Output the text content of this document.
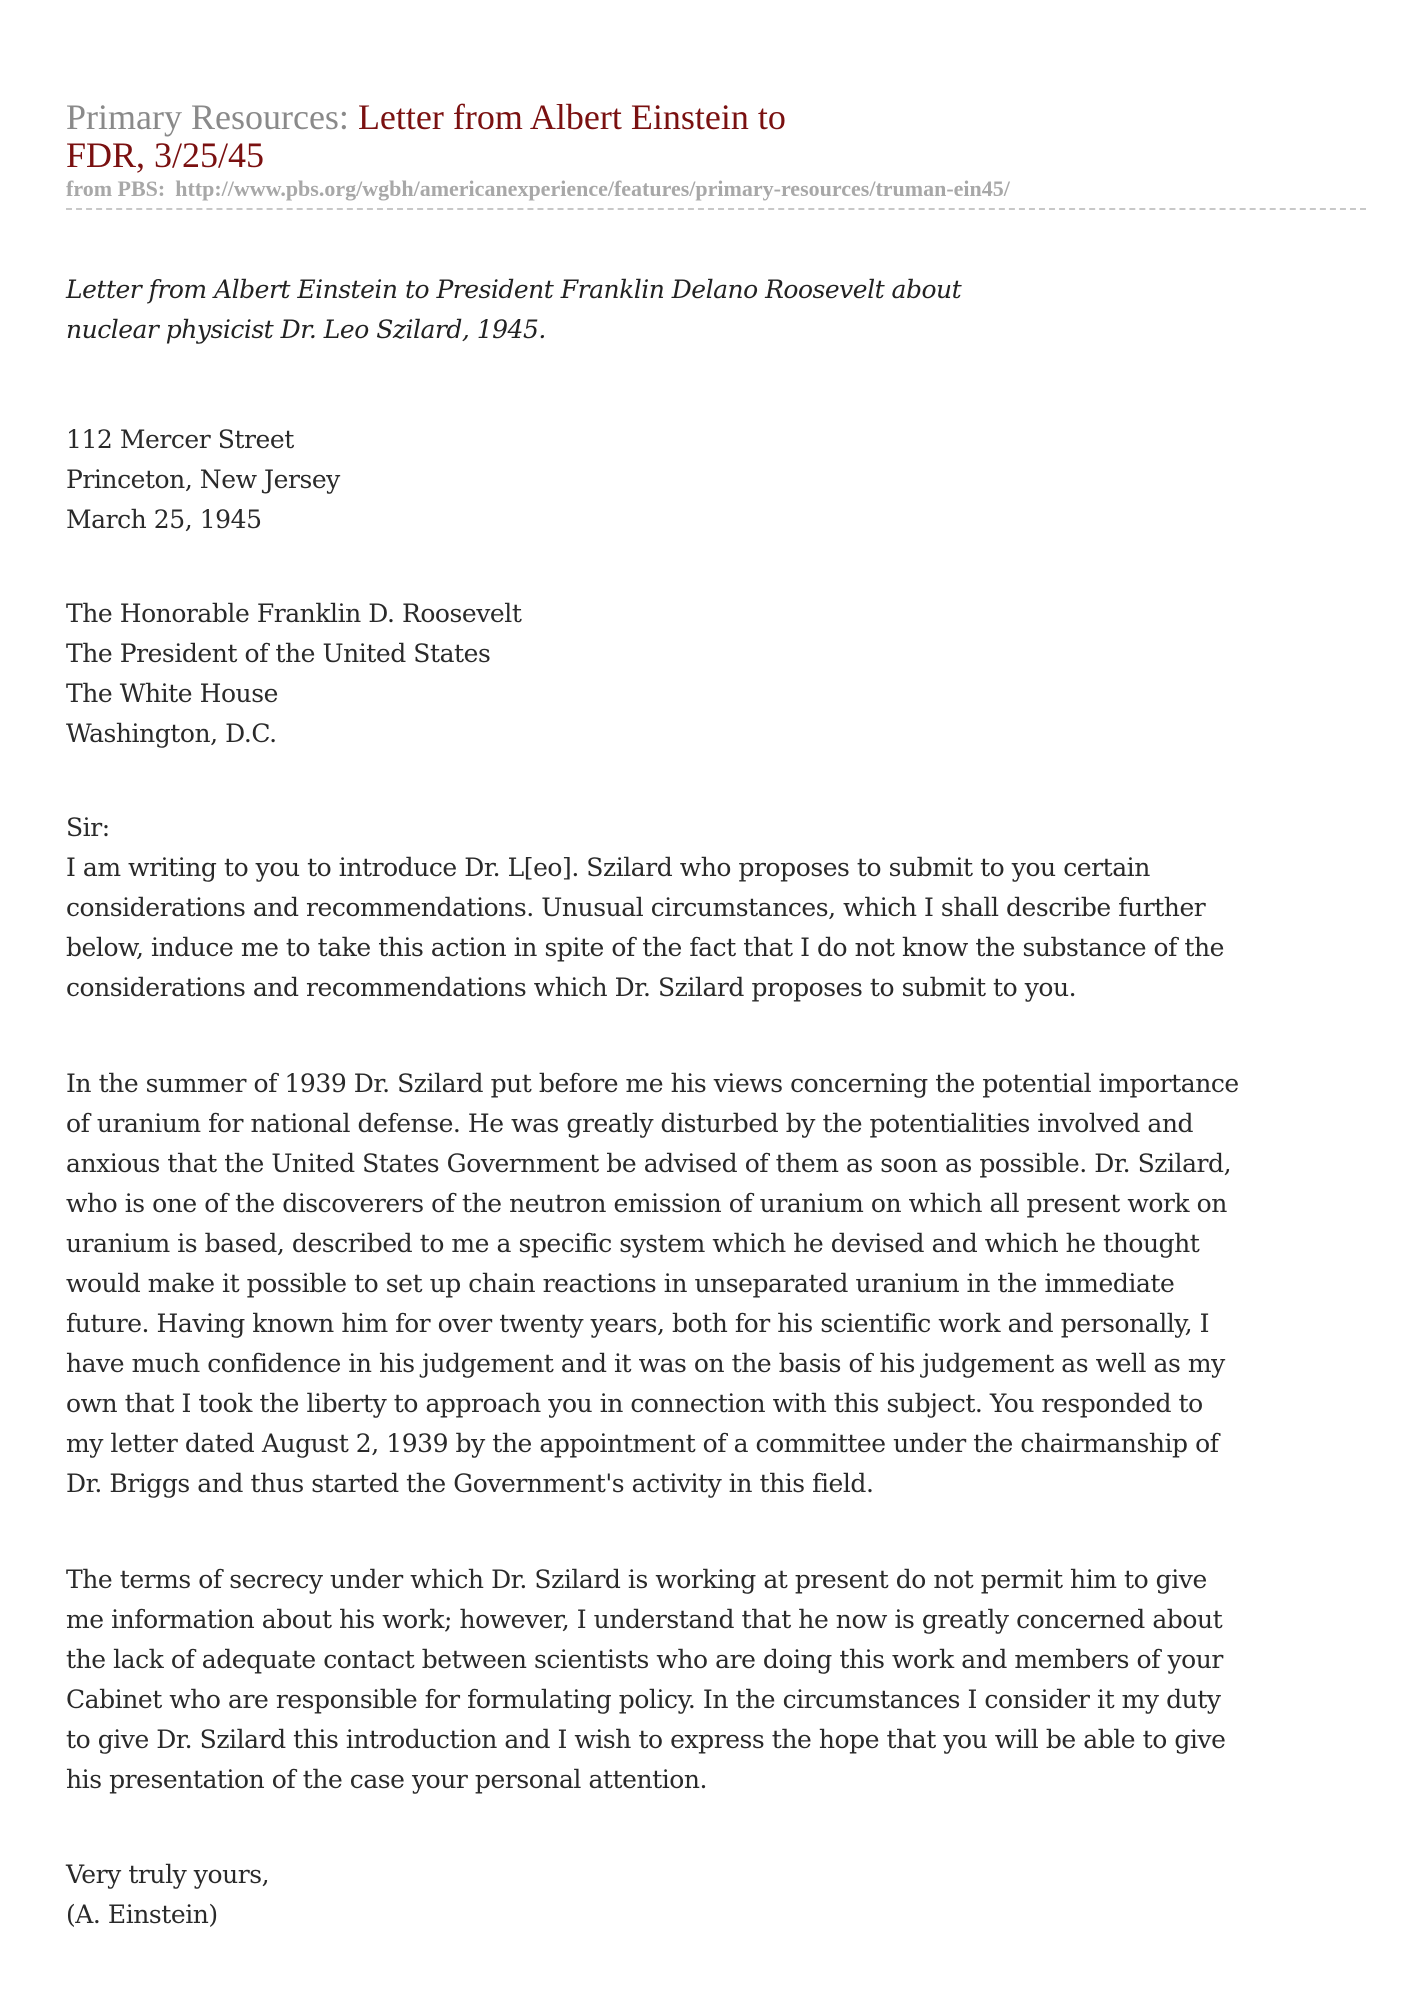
Primary Resources: Letter from Albert Einstein to
FDR, 3/25/45
from PBS: http://www.pbs.org/wgbh/americanexperience/features/primary-resources/truman-ein45/
Letter from Albert Einstein to President Franklin Delano Roosevelt about
nuclear physicist Dr. Leo Szilard, 1945.
112 Mercer Street
Princeton, New Jersey
March 25, 1945
The Honorable Franklin D. Roosevelt
The President of the United States
The White House
Washington, D.C.
Sir:
I am writing to you to introduce Dr. L[eo]. Szilard who proposes to submit to you certain
considerations and recommendations. Unusual circumstances, which I shall describe further
below, induce me to take this action in spite of the fact that I do not know the substance of the
considerations and recommendations which Dr. Szilard proposes to submit to you.
In the summer of 1939 Dr. Szilard put before me his views concerning the potential importance
of uranium for national defense. He was greatly disturbed by the potentialities involved and
anxious that the United States Government be advised of them as soon as possible. Dr. Szilard,
who is one of the discoverers of the neutron emission of uranium on which all present work on
uranium is based, described to me a specific system which he devised and which he thought
would make it possible to set up chain reactions in unseparated uranium in the immediate
future. Having known him for over twenty years, both for his scientific work and personally, I
have much confidence in his judgement and it was on the basis of his judgement as well as my
own that I took the liberty to approach you in connection with this subject. You responded to
my letter dated August 2, 1939 by the appointment of a committee under the chairmanship of
Dr. Briggs and thus started the Government's activity in this field.
The terms of secrecy under which Dr. Szilard is working at present do not permit him to give
me information about his work; however, I understand that he now is greatly concerned about
the lack of adequate contact between scientists who are doing this work and members of your
Cabinet who are responsible for formulating policy. In the circumstances I consider it my duty
to give Dr. Szilard this introduction and I wish to express the hope that you will be able to give
his presentation of the case your personal attention.
Very truly yours,
(A. Einstein)
